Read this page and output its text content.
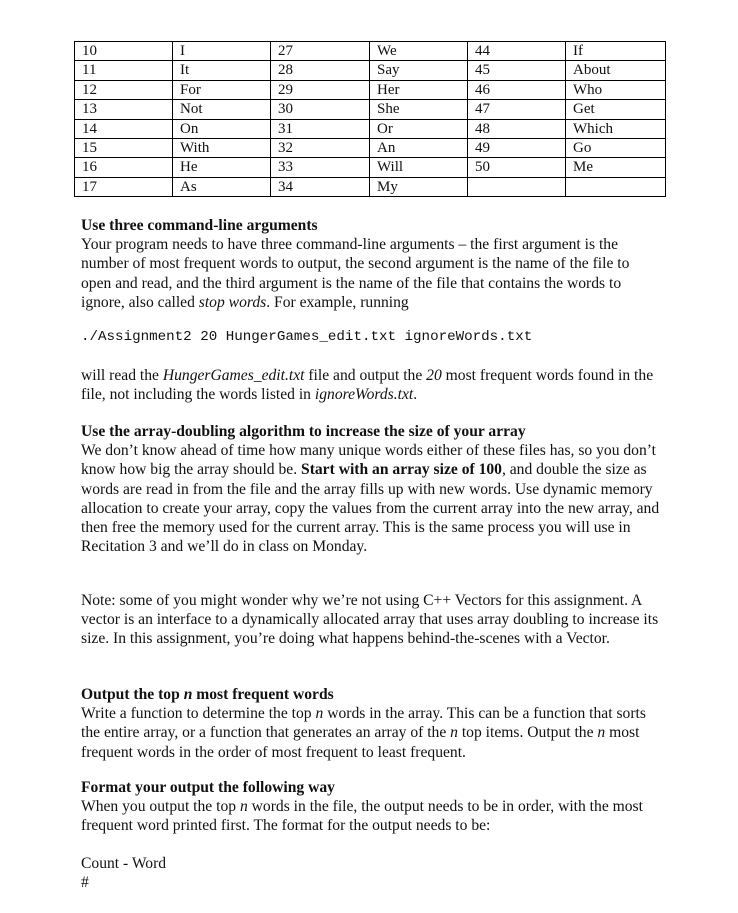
10	I	27	We	44	If
11	It	28	Say	45	About
12	For	29	Her	46	Who
13	Not	30	She	47	Get
14	On	31	Or	48	Which
15	With	32	An	49	Go
16	He	33	Will	50	Me
17	As	34	My		

Use three command-line arguments

Your program needs to have three command-line arguments – the first argument is the number of most frequent words to output, the second argument is the name of the file to open and read, and the third argument is the name of the file that contains the words to ignore, also called stop words. For example, running

./Assignment2 20 HungerGames_edit.txt ignoreWords.txt

will read the HungerGames_edit.txt file and output the 20 most frequent words found in the file, not including the words listed in ignoreWords.txt.

Use the array-doubling algorithm to increase the size of your array

We don’t know ahead of time how many unique words either of these files has, so you don’t know how big the array should be. Start with an array size of 100, and double the size as words are read in from the file and the array fills up with new words. Use dynamic memory allocation to create your array, copy the values from the current array into the new array, and then free the memory used for the current array. This is the same process you will use in Recitation 3 and we’ll do in class on Monday.

Note: some of you might wonder why we’re not using C++ Vectors for this assignment. A vector is an interface to a dynamically allocated array that uses array doubling to increase its size. In this assignment, you’re doing what happens behind-the-scenes with a Vector.

Output the top n most frequent words

Write a function to determine the top n words in the array. This can be a function that sorts the entire array, or a function that generates an array of the n top items. Output the n most frequent words in the order of most frequent to least frequent.

Format your output the following way

When you output the top n words in the file, the output needs to be in order, with the most frequent word printed first. The format for the output needs to be:

Count - Word

#
